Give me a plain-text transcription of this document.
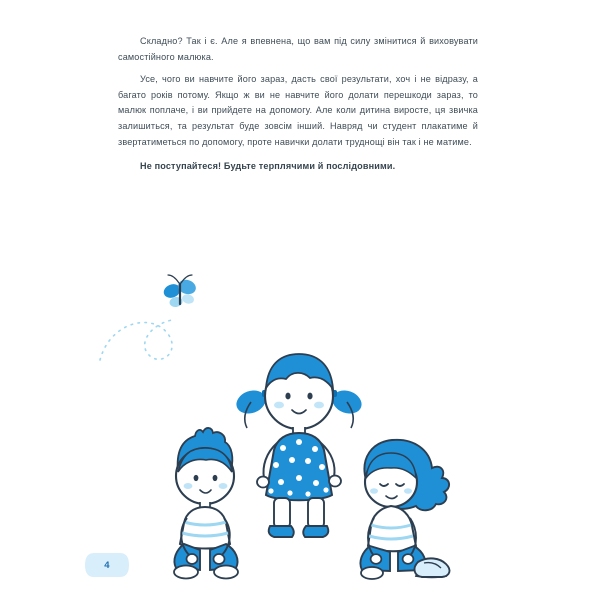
Складно? Так і є. Але я впевнена, що вам під силу змінитися й виховувати самостійного малюка.

Усе, чого ви навчите його зараз, дасть свої результати, хоч і не відразу, а багато років потому. Якщо ж ви не навчите його долати перешкоди зараз, то малюк поплаче, і ви прийдете на допомогу. Але коли дитина виросте, ця звичка залишиться, та результат буде зовсім інший. Навряд чи студент плакатиме й звертатиметься по допомогу, проте навички долати труднощі він так і не матиме.

Не поступайтеся! Будьте терплячими й послідовними.

4
